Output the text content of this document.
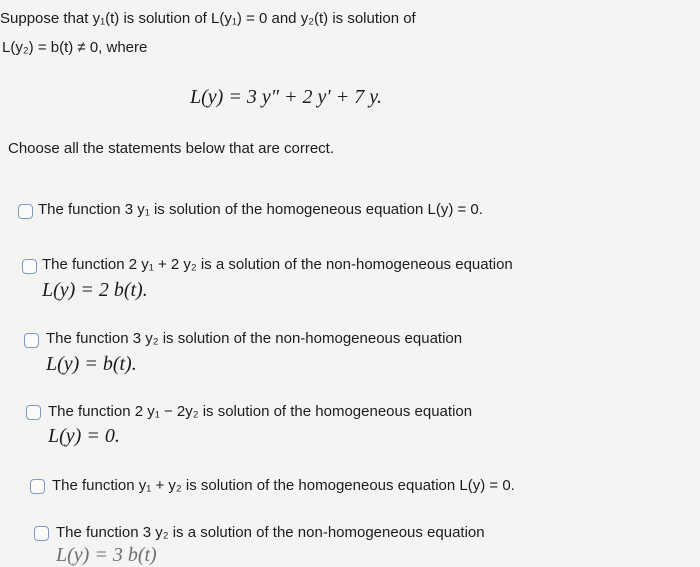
Suppose that y₁(t) is solution of L(y₁) = 0 and y₂(t) is solution of
L(y₂) = b(t) ≠ 0, where
L(y) = 3 y″ + 2 y′ + 7 y.
Choose all the statements below that are correct.
The function 3 y₁ is solution of the homogeneous equation L(y) = 0.
The function 2 y₁ + 2 y₂ is a solution of the non-homogeneous equation
L(y) = 2 b(t).
The function 3 y₂ is solution of the non-homogeneous equation
L(y) = b(t).
The function 2 y₁ − 2y₂ is solution of the homogeneous equation
L(y) = 0.
The function y₁ + y₂ is solution of the homogeneous equation L(y) = 0.
The function 3 y₂ is a solution of the non-homogeneous equation
L(y) = 3 b(t)
